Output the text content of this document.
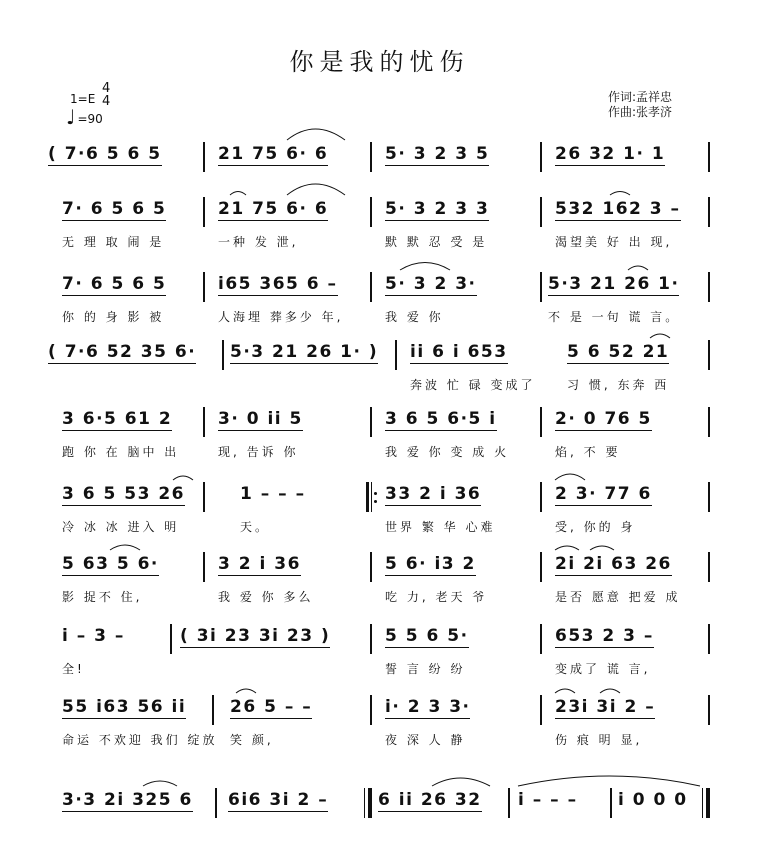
你是我的忧伤
作词:孟祥忠
作曲:张孝济
1=E
4
4
♩ =90
( 7·6 5 6 5	21 75 6· 6	5· 3 2 3 5	26 32 1· 1
7· 6 5 6 5
无 理 取 闹 是
21 75 6· 6
一种 发 泄,
5· 3 2 3 3
默 默 忍 受 是
532 162 3 –
渴望美 好 出 现,
7· 6 5 6 5
你 的 身 影 被
i65 365 6 –
人海埋 葬多少 年,
5· 3 2 3·
我 爱 你
5·3 21 26 1·
不 是 一句 谎 言。
( 7·6 52 35 6· 5·3 21 26 1· ) ii 6 i 653
奔波 忙 碌 变成了
5 6 52 21
习 惯, 东奔 西
3 6·5 61 2
跑 你 在 脑中 出
3· 0 ii 5
现, 告诉 你
3 6 5 6·5 i
我 爱 你 变 成 火
2· 0 76 5
焰, 不 要
3 6 5 53 26
冷 冰 冰 进入 明
1 – – –
天。
33 2 i 36
世界 繁 华 心难
2 3· 77 6
受, 你的 身
5 63 5 6·
影 捉不 住,
3 2 i 36
我 爱 你 多么
5 6· i3 2
吃 力, 老天 爷
2i 2i 63 26
是否 愿意 把爱 成
i – 3 –
全!
( 3i 23 3i 23 )	5 5 6 5·
誓 言 纷 纷
653 2 3 –
变成了 谎 言,
55 i63 56 ii
命运 不欢迎 我们 绽放
26 5 – –
笑 颜,
i· 2 3 3·
夜 深 人 静
23i 3i 2 –
伤 痕 明 显,
3·3 2i 325 6 6i6 3i 2 –	6 ii 26 32 i – – – i 0 0 0
